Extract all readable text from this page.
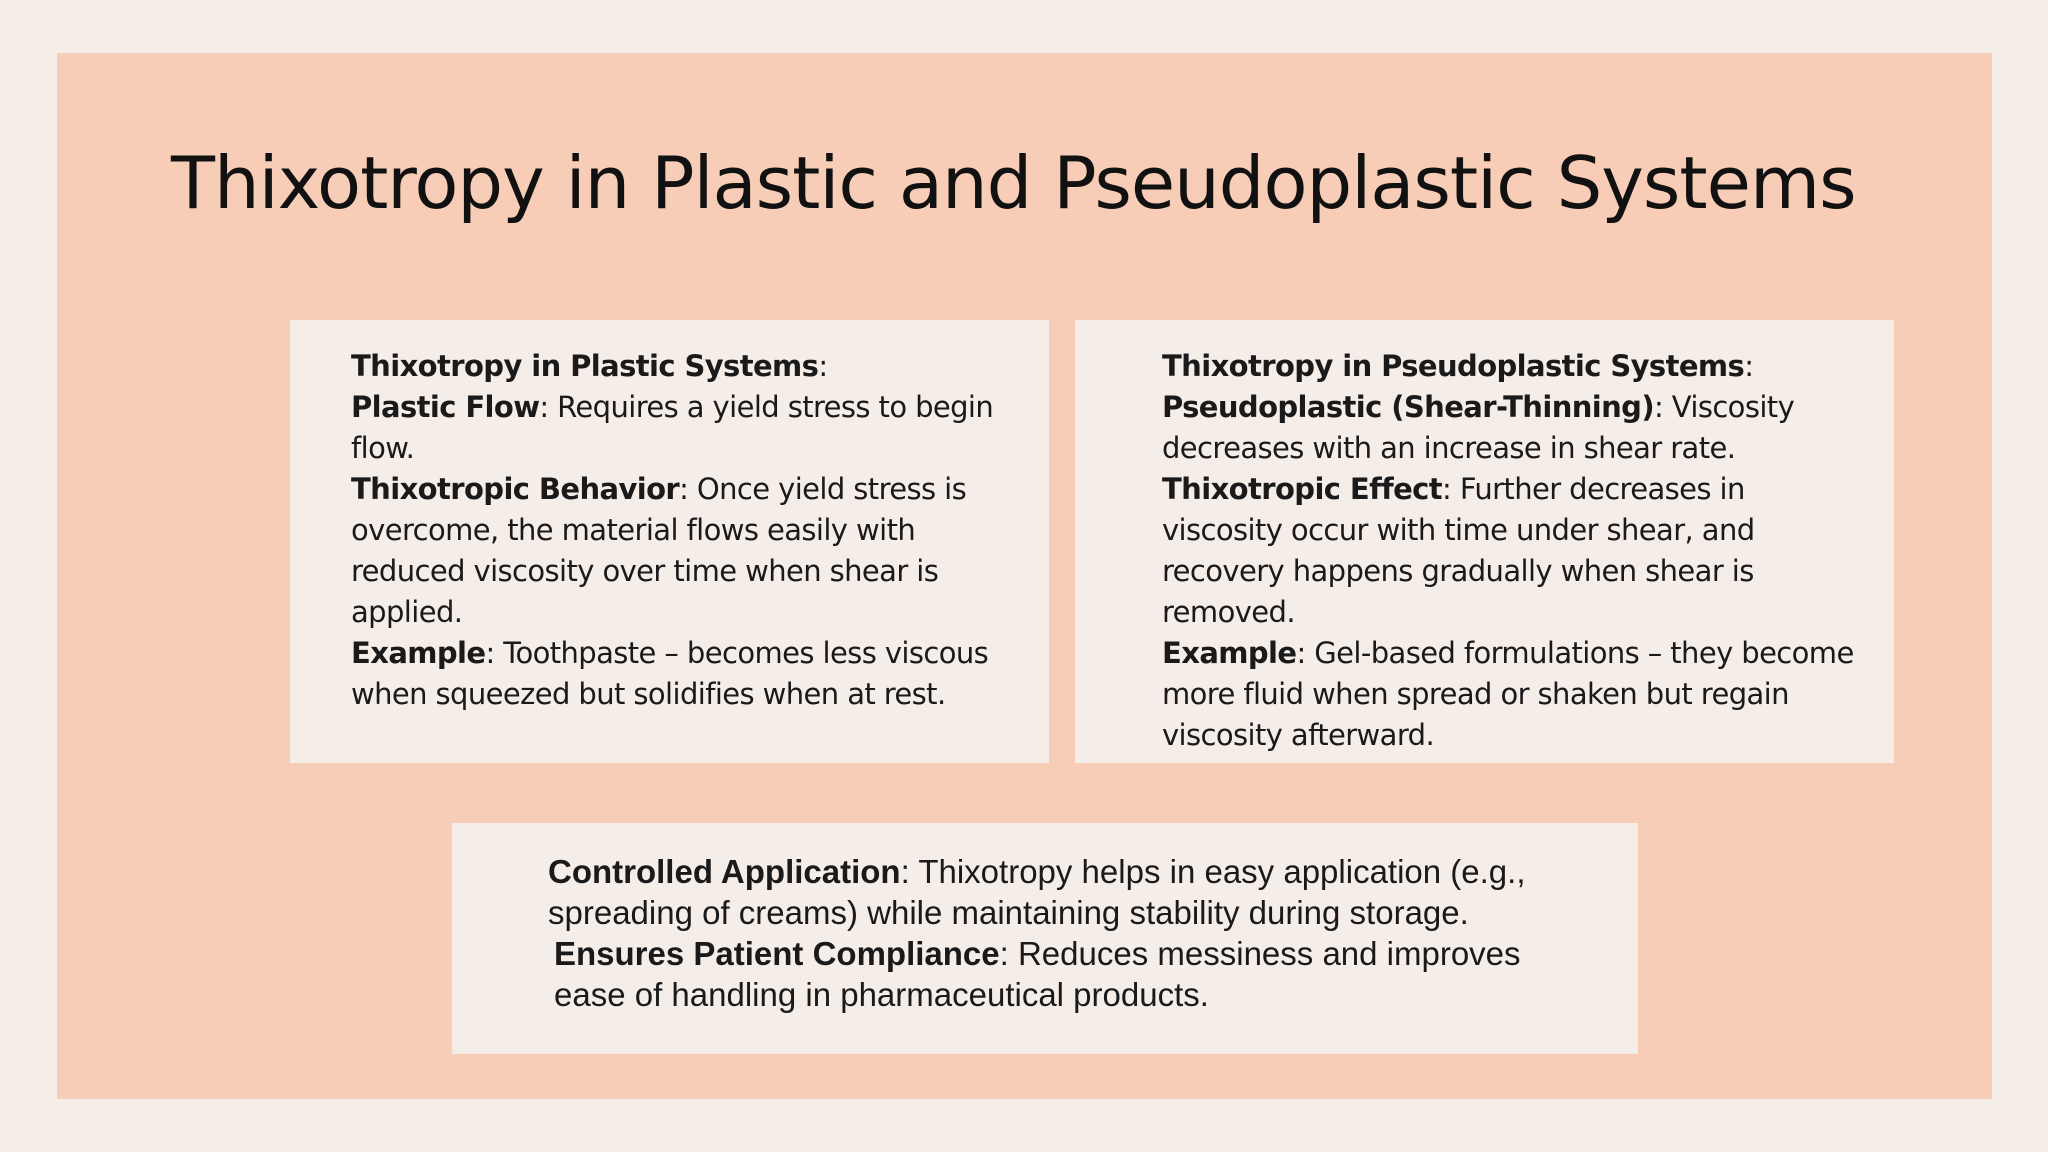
Thixotropy in Plastic and Pseudoplastic Systems

Thixotropy in Plastic Systems:

Plastic Flow: Requires a yield stress to begin flow.

Thixotropic Behavior: Once yield stress is overcome, the material flows easily with reduced viscosity over time when shear is applied.

Example: Toothpaste – becomes less viscous when squeezed but solidifies when at rest.

Thixotropy in Pseudoplastic Systems:

Pseudoplastic (Shear-Thinning): Viscosity decreases with an increase in shear rate.

Thixotropic Effect: Further decreases in viscosity occur with time under shear, and recovery happens gradually when shear is removed.

Example: Gel-based formulations – they become more fluid when spread or shaken but regain viscosity afterward.

Controlled Application: Thixotropy helps in easy application (e.g., spreading of creams) while maintaining stability during storage.

Ensures Patient Compliance: Reduces messiness and improves ease of handling in pharmaceutical products.
